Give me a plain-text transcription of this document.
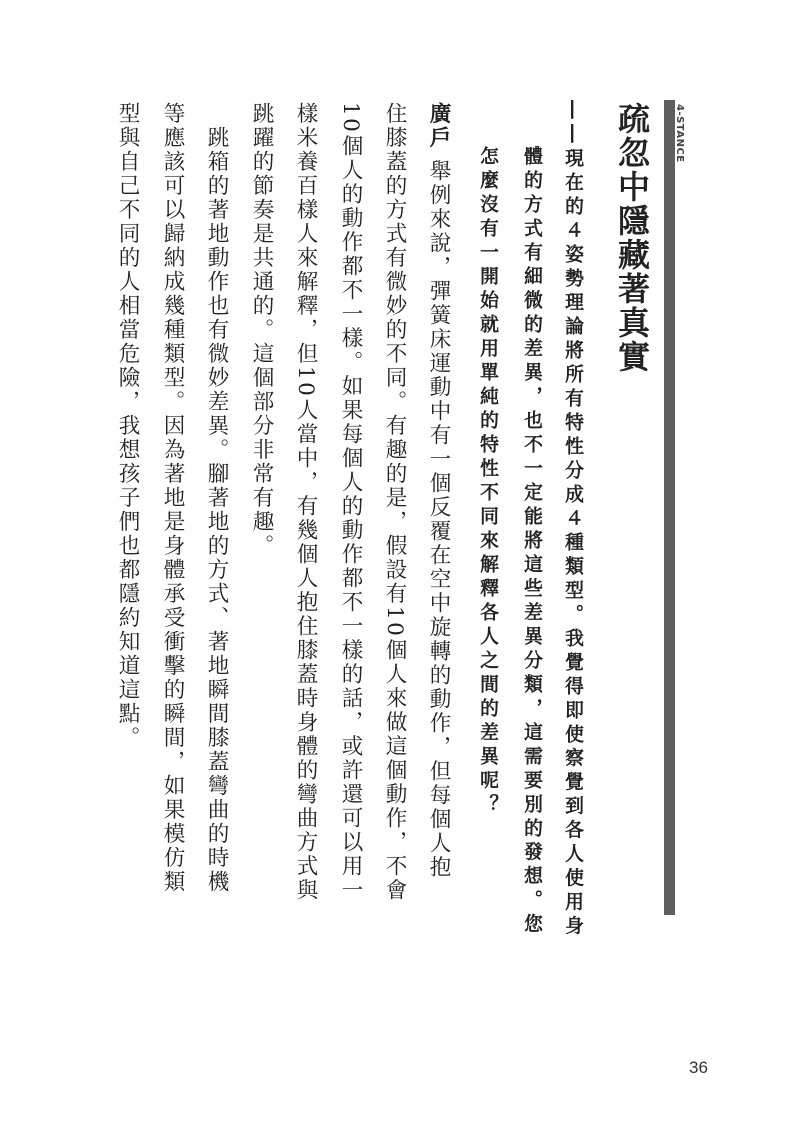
4-STANCE
疏忽中隱藏著真實
――現在的４姿勢理論將所有特性分成４種類型。我覺得即使察覺到各人使用身
體的方式有細微的差異，也不一定能將這些差異分類，這需要別的發想。您
怎麼沒有一開始就用單純的特性不同來解釋各人之間的差異呢？
廣戶 舉例來說，彈簧床運動中有一個反覆在空中旋轉的動作，但每個人抱
住膝蓋的方式有微妙的不同。有趣的是，假設有10個人來做這個動作，不會
10個人的動作都不一樣。如果每個人的動作都不一樣的話，或許還可以用一
樣米養百樣人來解釋，但10人當中，有幾個人抱住膝蓋時身體的彎曲方式與
跳躍的節奏是共通的。這個部分非常有趣。
跳箱的著地動作也有微妙差異。腳著地的方式、著地瞬間膝蓋彎曲的時機
等應該可以歸納成幾種類型。因為著地是身體承受衝擊的瞬間，如果模仿類
型與自己不同的人相當危險，我想孩子們也都隱約知道這點。
36
